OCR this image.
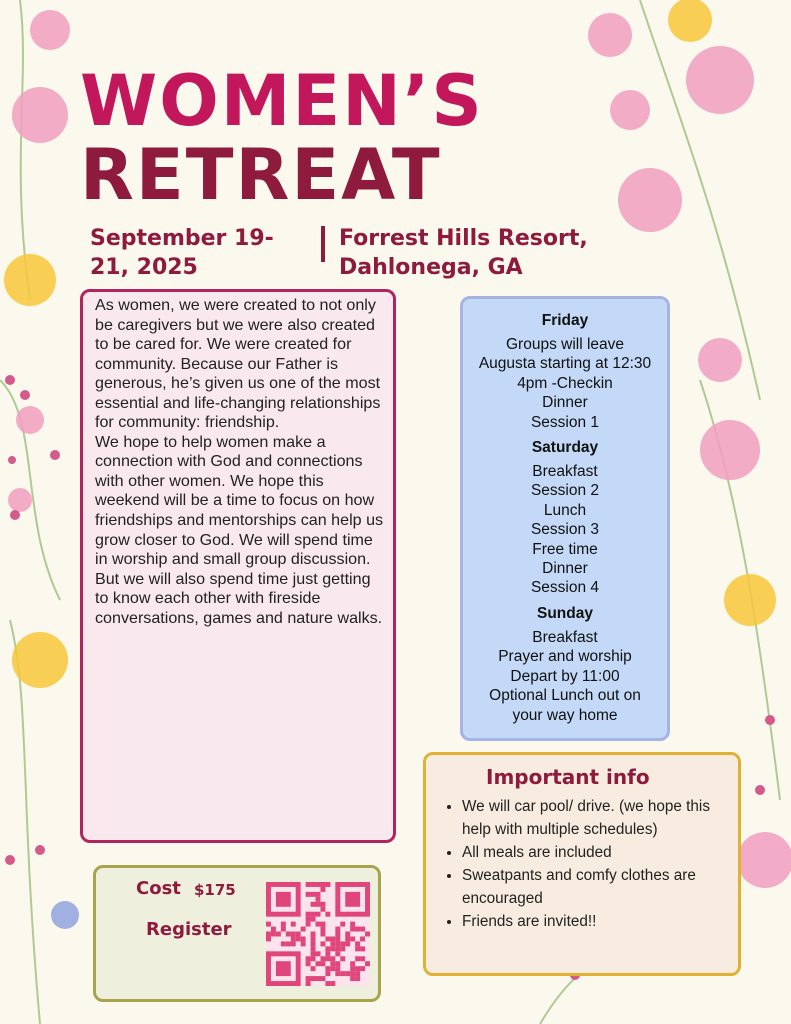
WOMEN’S
RETREAT
September 19-21, 2025
Forrest Hills Resort, Dahlonega, GA

As women, we were created to not only be caregivers but we were also created to be cared for. We were created for community. Because our Father is generous, he’s given us one of the most essential and life-changing relationships for community: friendship.
We hope to help women make a connection with God and connections with other women. We hope this weekend will be a time to focus on how friendships and mentorships can help us grow closer to God. We will spend time in worship and small group discussion. But we will also spend time just getting to know each other with fireside conversations, games and nature walks.

Friday

Groups will leave

Augusta starting at 12:30

4pm -Checkin

Dinner

Session 1

Saturday

Breakfast

Session 2

Lunch

Session 3

Free time

Dinner

Session 4

Sunday

Breakfast

Prayer and worship

Depart by 11:00

Optional Lunch out on

your way home

Cost $175
Register
Important info
• We will car pool/ drive. (we hope this help with multiple schedules)
• All meals are included
• Sweatpants and comfy clothes are encouraged
• Friends are invited!!
